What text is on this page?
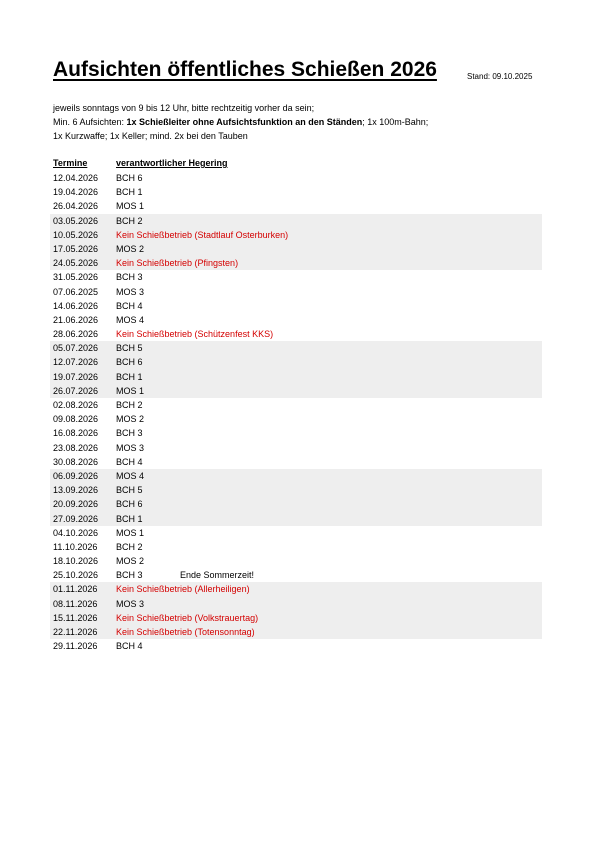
Aufsichten öffentliches Schießen 2026	Stand: 09.10.2025
jeweils sonntags von 9 bis 12 Uhr, bitte rechtzeitig vorher da sein;
Min. 6 Aufsichten: 1x Schießleiter ohne Aufsichtsfunktion an den Ständen; 1x 100m-Bahn;
1x Kurzwaffe; 1x Keller; mind. 2x bei den Tauben
Termine	verantwortlicher Hegering
12.04.2026 BCH 6
19.04.2026 BCH 1
26.04.2026 MOS 1
03.05.2026 BCH 2
10.05.2026 Kein Schießbetrieb (Stadtlauf Osterburken)
17.05.2026 MOS 2
24.05.2026 Kein Schießbetrieb (Pfingsten)
31.05.2026 BCH 3
07.06.2025 MOS 3
14.06.2026 BCH 4
21.06.2026 MOS 4
28.06.2026 Kein Schießbetrieb (Schützenfest KKS)
05.07.2026 BCH 5
12.07.2026 BCH 6
19.07.2026 BCH 1
26.07.2026 MOS 1
02.08.2026 BCH 2
09.08.2026 MOS 2
16.08.2026 BCH 3
23.08.2026 MOS 3
30.08.2026 BCH 4
06.09.2026 MOS 4
13.09.2026 BCH 5
20.09.2026 BCH 6
27.09.2026 BCH 1
04.10.2026 MOS 1
11.10.2026 BCH 2
18.10.2026 MOS 2
25.10.2026 BCH 3	Ende Sommerzeit!
01.11.2026 Kein Schießbetrieb (Allerheiligen)
08.11.2026 MOS 3
15.11.2026 Kein Schießbetrieb (Volkstrauertag)
22.11.2026 Kein Schießbetrieb (Totensonntag)
29.11.2026 BCH 4
